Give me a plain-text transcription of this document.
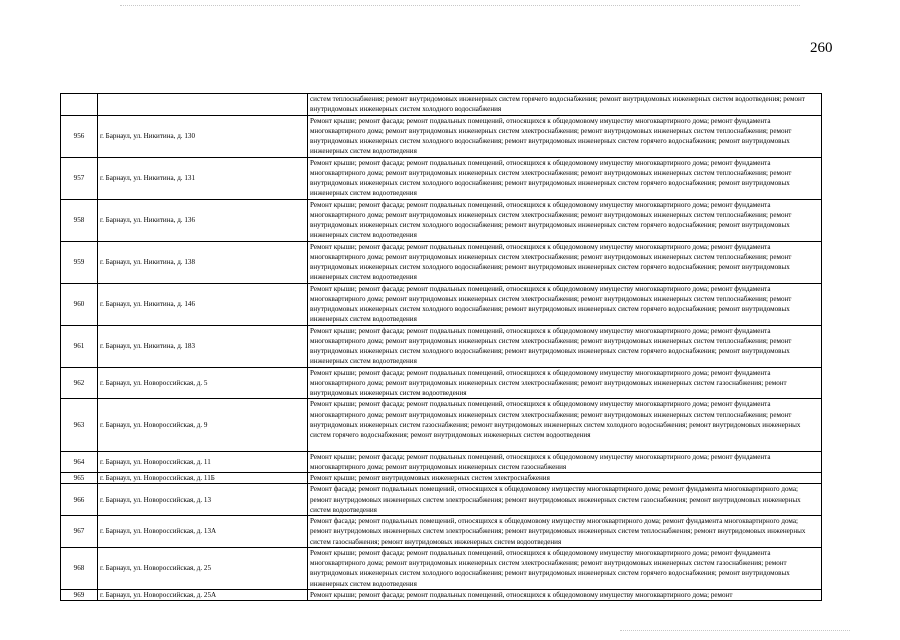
260
		систем теплоснабжения; ремонт внутридомовых инженерных систем горячего водоснабжения; ремонт внутридомовых инженерных систем водоотведения; ремонт внутридомовых инженерных систем холодного водоснабжения
956	г. Барнаул, ул. Никитина, д. 130	Ремонт крыши; ремонт фасада; ремонт подвальных помещений, относящихся к общедомовому имуществу многоквартирного дома; ремонт фундамента многоквартирного дома; ремонт внутридомовых инженерных систем электроснабжения; ремонт внутридомовых инженерных систем теплоснабжения; ремонт внутридомовых инженерных систем холодного водоснабжения; ремонт внутридомовых инженерных систем горячего водоснабжения; ремонт внутридомовых инженерных систем водоотведения
957	г. Барнаул, ул. Никитина, д. 131	Ремонт крыши; ремонт фасада; ремонт подвальных помещений, относящихся к общедомовому имуществу многоквартирного дома; ремонт фундамента многоквартирного дома; ремонт внутридомовых инженерных систем электроснабжения; ремонт внутридомовых инженерных систем теплоснабжения; ремонт внутридомовых инженерных систем холодного водоснабжения; ремонт внутридомовых инженерных систем горячего водоснабжения; ремонт внутридомовых инженерных систем водоотведения
958	г. Барнаул, ул. Никитина, д. 136	Ремонт крыши; ремонт фасада; ремонт подвальных помещений, относящихся к общедомовому имуществу многоквартирного дома; ремонт фундамента многоквартирного дома; ремонт внутридомовых инженерных систем электроснабжения; ремонт внутридомовых инженерных систем теплоснабжения; ремонт внутридомовых инженерных систем холодного водоснабжения; ремонт внутридомовых инженерных систем горячего водоснабжения; ремонт внутридомовых инженерных систем водоотведения
959	г. Барнаул, ул. Никитина, д. 138	Ремонт крыши; ремонт фасада; ремонт подвальных помещений, относящихся к общедомовому имуществу многоквартирного дома; ремонт фундамента многоквартирного дома; ремонт внутридомовых инженерных систем электроснабжения; ремонт внутридомовых инженерных систем теплоснабжения; ремонт внутридомовых инженерных систем холодного водоснабжения; ремонт внутридомовых инженерных систем горячего водоснабжения; ремонт внутридомовых инженерных систем водоотведения
960	г. Барнаул, ул. Никитина, д. 146	Ремонт крыши; ремонт фасада; ремонт подвальных помещений, относящихся к общедомовому имуществу многоквартирного дома; ремонт фундамента многоквартирного дома; ремонт внутридомовых инженерных систем электроснабжения; ремонт внутридомовых инженерных систем теплоснабжения; ремонт внутридомовых инженерных систем холодного водоснабжения; ремонт внутридомовых инженерных систем горячего водоснабжения; ремонт внутридомовых инженерных систем водоотведения
961	г. Барнаул, ул. Никитина, д. 183	Ремонт крыши; ремонт фасада; ремонт подвальных помещений, относящихся к общедомовому имуществу многоквартирного дома; ремонт фундамента многоквартирного дома; ремонт внутридомовых инженерных систем электроснабжения; ремонт внутридомовых инженерных систем теплоснабжения; ремонт внутридомовых инженерных систем холодного водоснабжения; ремонт внутридомовых инженерных систем горячего водоснабжения; ремонт внутридомовых инженерных систем водоотведения
962	г. Барнаул, ул. Новороссийская, д. 5	Ремонт крыши; ремонт фасада; ремонт подвальных помещений, относящихся к общедомовому имуществу многоквартирного дома; ремонт фундамента многоквартирного дома; ремонт внутридомовых инженерных систем электроснабжения; ремонт внутридомовых инженерных систем газоснабжения; ремонт внутридомовых инженерных систем водоотведения
963	г. Барнаул, ул. Новороссийская, д. 9	Ремонт крыши; ремонт фасада; ремонт подвальных помещений, относящихся к общедомовому имуществу многоквартирного дома; ремонт фундамента многоквартирного дома; ремонт внутридомовых инженерных систем электроснабжения; ремонт внутридомовых инженерных систем теплоснабжения; ремонт внутридомовых инженерных систем газоснабжения; ремонт внутридомовых инженерных систем холодного водоснабжения; ремонт внутридомовых инженерных систем горячего водоснабжения; ремонт внутридомовых инженерных систем водоотведения
964	г. Барнаул, ул. Новороссийская, д. 11	Ремонт крыши; ремонт фасада; ремонт подвальных помещений, относящихся к общедомовому имуществу многоквартирного дома; ремонт фундамента многоквартирного дома; ремонт внутридомовых инженерных систем газоснабжения
965	г. Барнаул, ул. Новороссийская, д. 11Б	Ремонт крыши; ремонт внутридомовых инженерных систем электроснабжения
966	г. Барнаул, ул. Новороссийская, д. 13	Ремонт фасада; ремонт подвальных помещений, относящихся к общедомовому имуществу многоквартирного дома; ремонт фундамента многоквартирного дома; ремонт внутридомовых инженерных систем электроснабжения; ремонт внутридомовых инженерных систем газоснабжения; ремонт внутридомовых инженерных систем водоотведения
967	г. Барнаул, ул. Новороссийская, д. 13А	Ремонт фасада; ремонт подвальных помещений, относящихся к общедомовому имуществу многоквартирного дома; ремонт фундамента многоквартирного дома; ремонт внутридомовых инженерных систем электроснабжения; ремонт внутридомовых инженерных систем теплоснабжения; ремонт внутридомовых инженерных систем газоснабжения; ремонт внутридомовых инженерных систем водоотведения
968	г. Барнаул, ул. Новороссийская, д. 25	Ремонт крыши; ремонт фасада; ремонт подвальных помещений, относящихся к общедомовому имуществу многоквартирного дома; ремонт фундамента многоквартирного дома; ремонт внутридомовых инженерных систем электроснабжения; ремонт внутридомовых инженерных систем газоснабжения; ремонт внутридомовых инженерных систем холодного водоснабжения; ремонт внутридомовых инженерных систем горячего водоснабжения; ремонт внутридомовых инженерных систем водоотведения
969	г. Барнаул, ул. Новороссийская, д. 25А	Ремонт крыши; ремонт фасада; ремонт подвальных помещений, относящихся к общедомовому имуществу многоквартирного дома; ремонт
